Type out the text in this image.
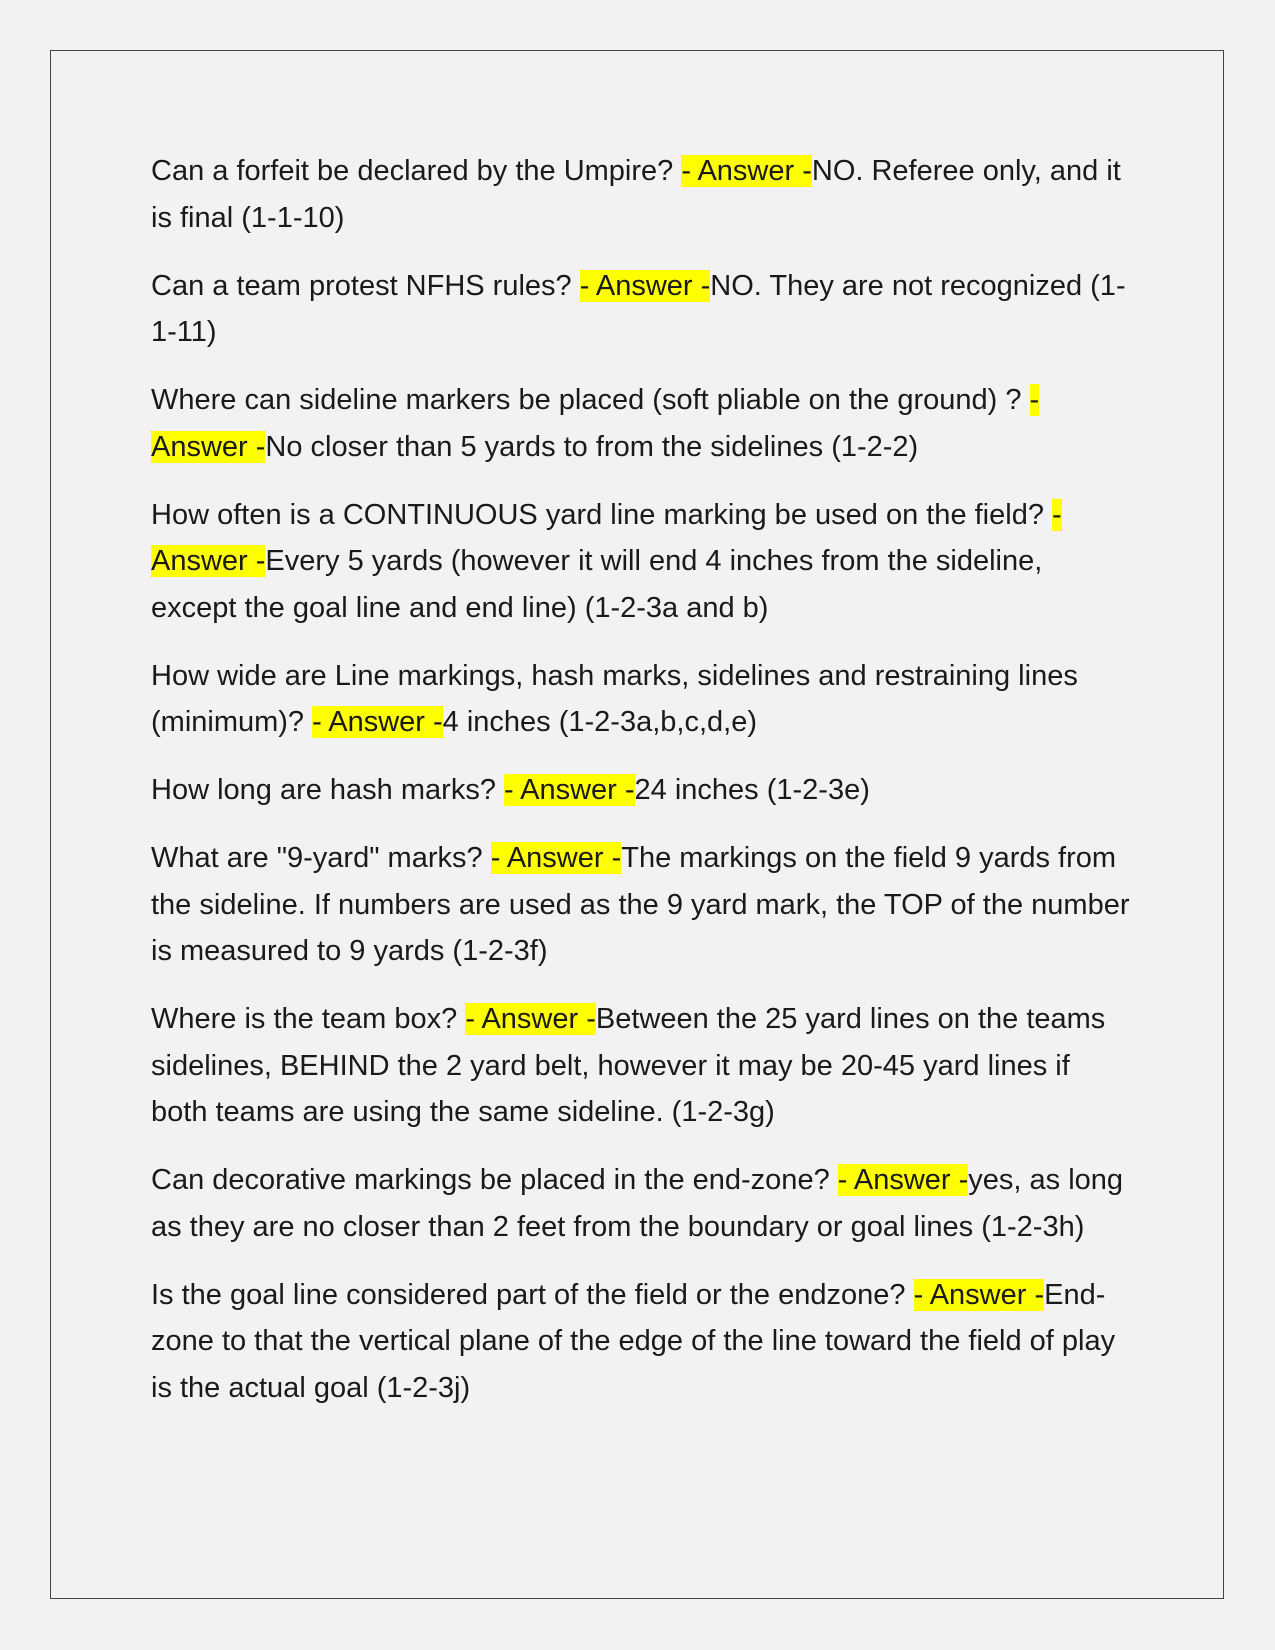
Can a forfeit be declared by the Umpire? - Answer -NO. Referee only, and it is final (1-1-10)

Can a team protest NFHS rules? - Answer -NO. They are not recognized (1-1-11)

Where can sideline markers be placed (soft pliable on the ground) ? - Answer -No closer than 5 yards to from the sidelines (1-2-2)

How often is a CONTINUOUS yard line marking be used on the field? - Answer -Every 5 yards (however it will end 4 inches from the sideline, except the goal line and end line) (1-2-3a and b)

How wide are Line markings, hash marks, sidelines and restraining lines (minimum)? - Answer -4 inches (1-2-3a,b,c,d,e)

How long are hash marks? - Answer -24 inches (1-2-3e)

What are "9-yard" marks? - Answer -The markings on the field 9 yards from the sideline. If numbers are used as the 9 yard mark, the TOP of the number is measured to 9 yards (1-2-3f)

Where is the team box? - Answer -Between the 25 yard lines on the teams sidelines, BEHIND the 2 yard belt, however it may be 20-45 yard lines if both teams are using the same sideline. (1-2-3g)

Can decorative markings be placed in the end-zone? - Answer -yes, as long as they are no closer than 2 feet from the boundary or goal lines (1-2-3h)

Is the goal line considered part of the field or the endzone? - Answer -End-zone to that the vertical plane of the edge of the line toward the field of play is the actual goal (1-2-3j)
